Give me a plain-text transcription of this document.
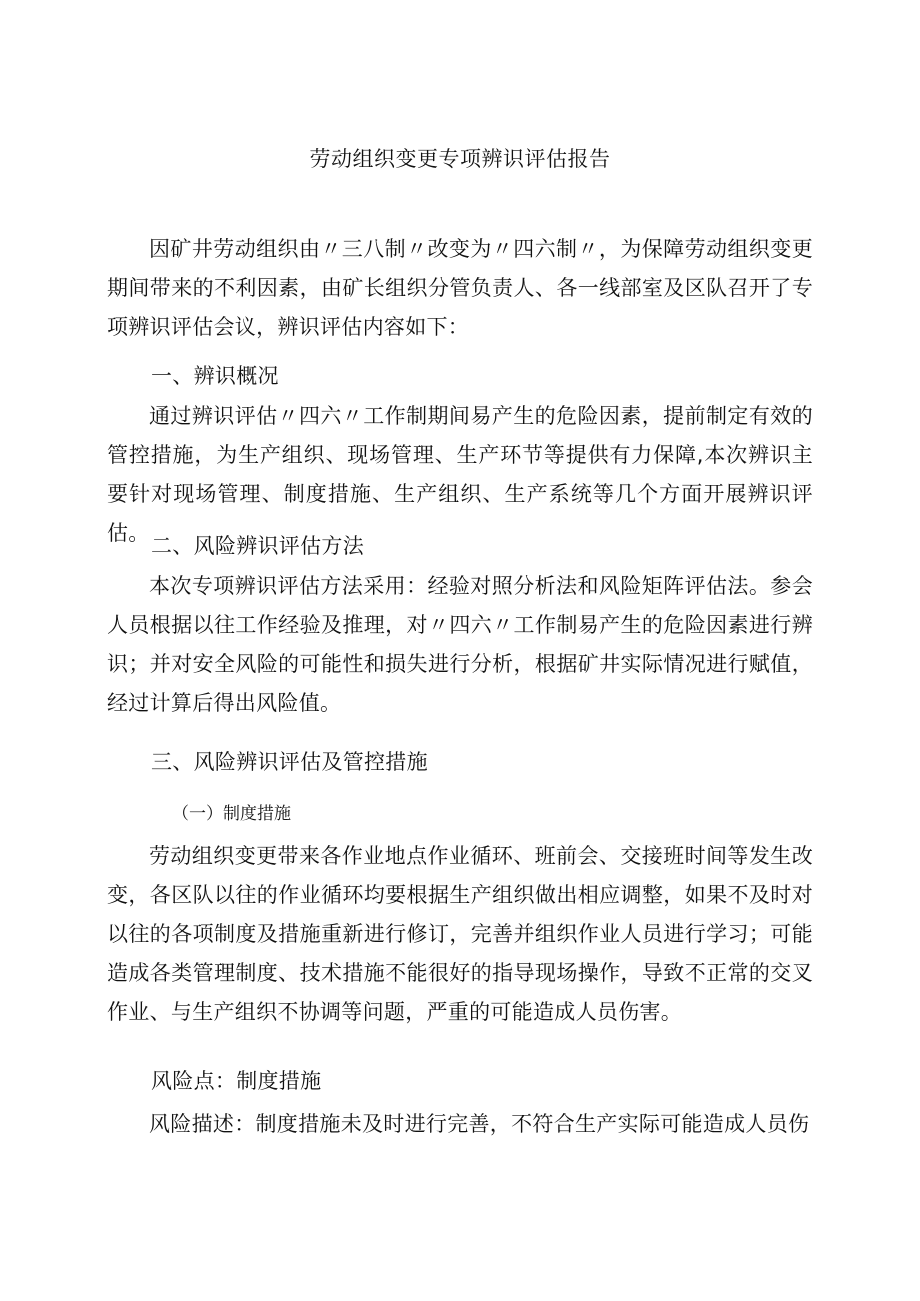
劳动组织变更专项辨识评估报告

因矿井劳动组织由〃三八制〃改变为〃四六制〃，为保障劳动组织变更期间带来的不利因素，由矿长组织分管负责人、各一线部室及区队召开了专项辨识评估会议，辨识评估内容如下：

一、辨识概况

通过辨识评估〃四六〃工作制期间易产生的危险因素，提前制定有效的管控措施，为生产组织、现场管理、生产环节等提供有力保障,本次辨识主要针对现场管理、制度措施、生产组织、生产系统等几个方面开展辨识评估。

二、风险辨识评估方法

本次专项辨识评估方法采用：经验对照分析法和风险矩阵评估法。参会人员根据以往工作经验及推理，对〃四六〃工作制易产生的危险因素进行辨识；并对安全风险的可能性和损失进行分析，根据矿井实际情况进行赋值，经过计算后得出风险值。

三、风险辨识评估及管控措施
（一）制度措施

劳动组织变更带来各作业地点作业循环、班前会、交接班时间等发生改变，各区队以往的作业循环均要根据生产组织做出相应调整，如果不及时对以往的各项制度及措施重新进行修订，完善并组织作业人员进行学习；可能造成各类管理制度、技术措施不能很好的指导现场操作，导致不正常的交叉作业、与生产组织不协调等问题，严重的可能造成人员伤害。

风险点：制度措施

风险描述：制度措施未及时进行完善，不符合生产实际可能造成人员伤
